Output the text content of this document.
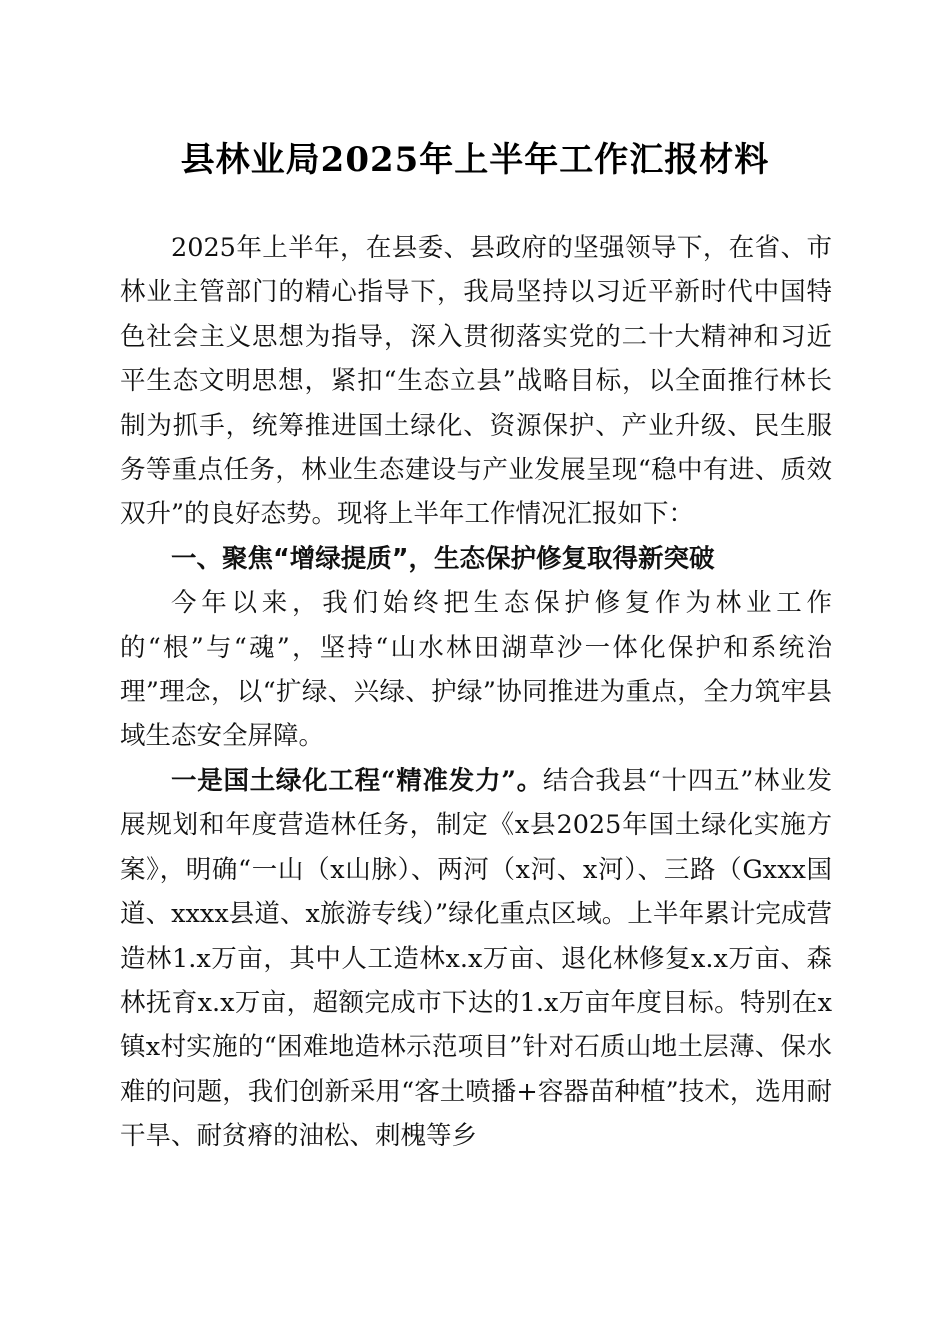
县林业局2025年上半年工作汇报材料

2025年上半年，在县委、县政府的坚强领导下，在省、市林业主管部门的精心指导下，我局坚持以习近平新时代中国特色社会主义思想为指导，深入贯彻落实党的二十大精神和习近平生态文明思想，紧扣“生态立县”战略目标，以全面推行林长制为抓手，统筹推进国土绿化、资源保护、产业升级、民生服务等重点任务，林业生态建设与产业发展呈现“稳中有进、质效双升”的良好态势。现将上半年工作情况汇报如下：

一、聚焦“增绿提质”，生态保护修复取得新突破

今年以来，我们始终把生态保护修复作为林业工作的“根”与“魂”，坚持“山水林田湖草沙一体化保护和系统治理”理念，以“扩绿、兴绿、护绿”协同推进为重点，全力筑牢县域生态安全屏障。

一是国土绿化工程“精准发力”。结合我县“十四五”林业发展规划和年度营造林任务，制定《x县2025年国土绿化实施方案》，明确“一山（x山脉）、两河（x河、x河）、三路（Gxxx国道、xxxx县道、x旅游专线）”绿化重点区域。上半年累计完成营造林1.x万亩，其中人工造林x.x万亩、退化林修复x.x万亩、森林抚育x.x万亩，超额完成市下达的1.x万亩年度目标。特别在x镇x村实施的“困难地造林示范项目”针对石质山地土层薄、保水难的问题，我们创新采用“客土喷播+容器苗种植”技术，选用耐干旱、耐贫瘠的油松、刺槐等乡
